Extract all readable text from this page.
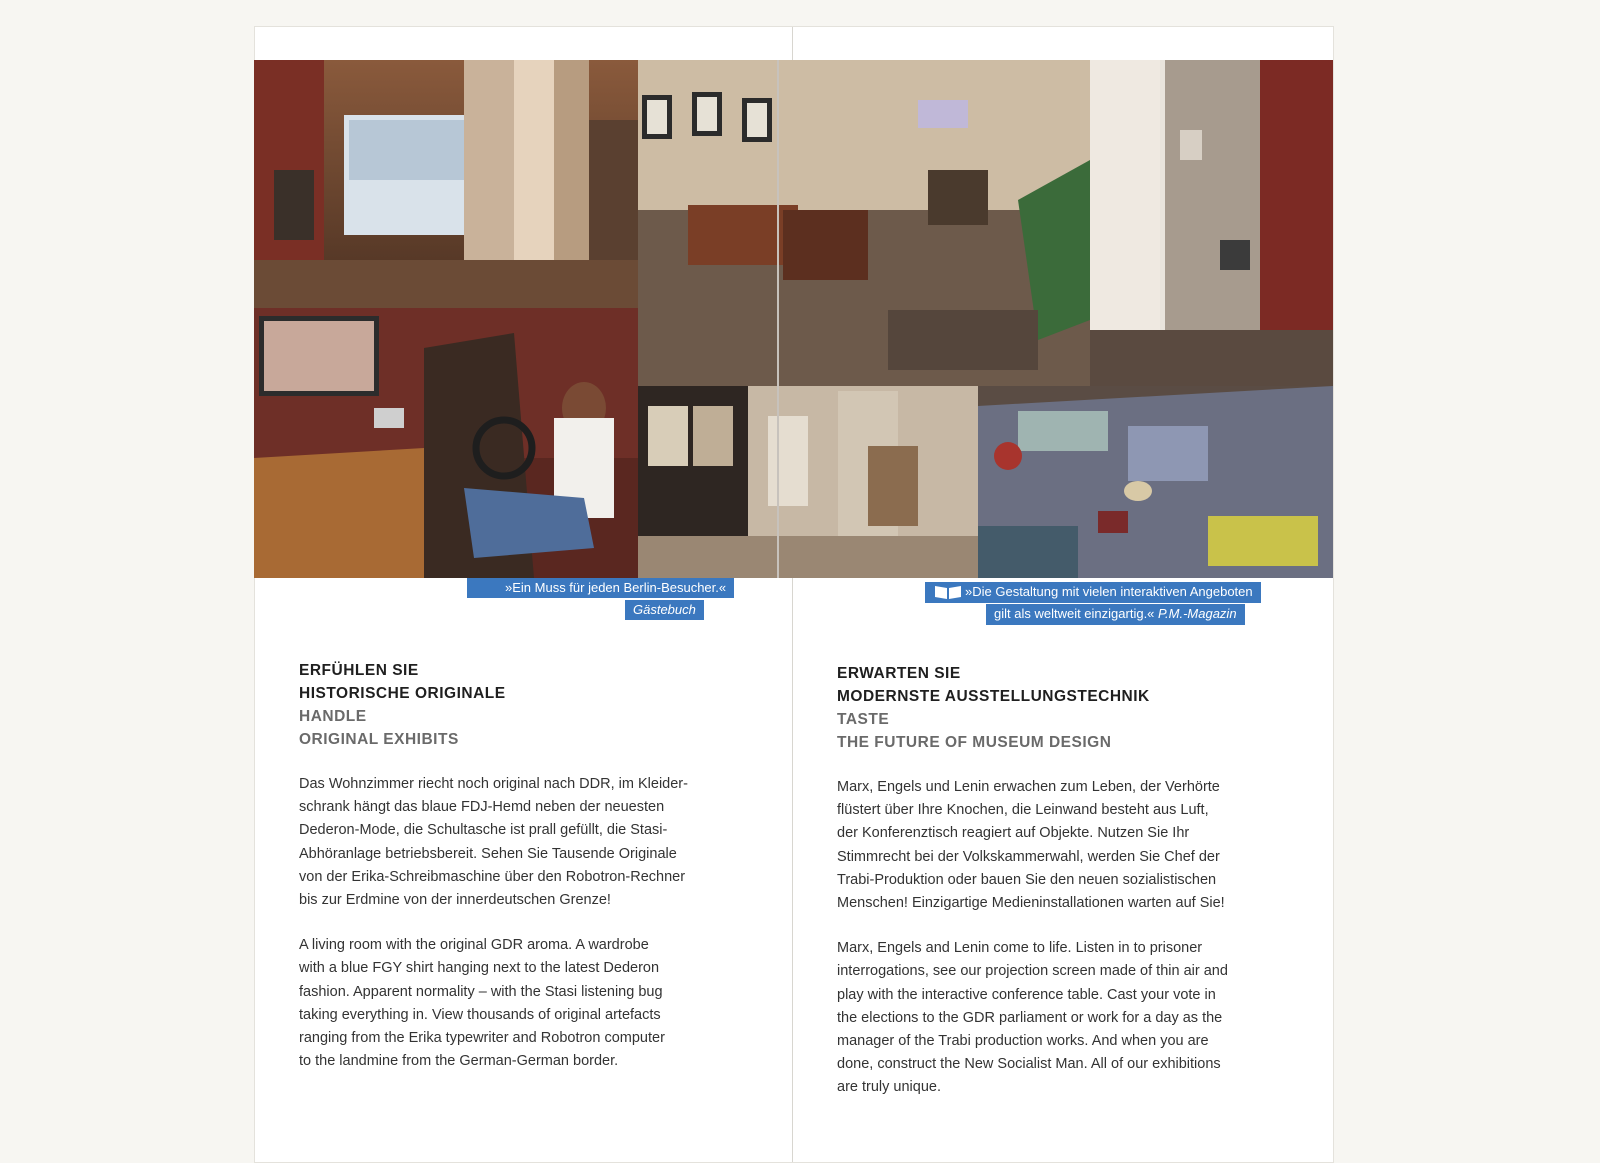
»Ein Muss für jeden Berlin-Besucher.«
Gästebuch
»Die Gestaltung mit vielen interaktiven Angeboten
gilt als weltweit einzigartig.« P.M.-Magazin
ERFÜHLEN SIE
HISTORISCHE ORIGINALE
HANDLE
ORIGINAL EXHIBITS

Das Wohnzimmer riecht noch original nach DDR, im Kleider-
schrank hängt das blaue FDJ-Hemd neben der neuesten
Dederon-Mode, die Schultasche ist prall gefüllt, die Stasi-
Abhöranlage betriebsbereit. Sehen Sie Tausende Originale
von der Erika-Schreibmaschine über den Robotron-Rechner
bis zur Erdmine von der innerdeutschen Grenze!

A living room with the original GDR aroma. A wardrobe
with a blue FGY shirt hanging next to the latest Dederon
fashion. Apparent normality – with the Stasi listening bug
taking everything in. View thousands of original artefacts
ranging from the Erika typewriter and Robotron computer
to the landmine from the German-German border.

ERWARTEN SIE
MODERNSTE AUSSTELLUNGSTECHNIK
TASTE
THE FUTURE OF MUSEUM DESIGN

Marx, Engels und Lenin erwachen zum Leben, der Verhörte
flüstert über Ihre Knochen, die Leinwand besteht aus Luft,
der Konferenztisch reagiert auf Objekte. Nutzen Sie Ihr
Stimmrecht bei der Volkskammerwahl, werden Sie Chef der
Trabi-Produktion oder bauen Sie den neuen sozialistischen
Menschen! Einzigartige Medieninstallationen warten auf Sie!

Marx, Engels and Lenin come to life. Listen in to prisoner
interrogations, see our projection screen made of thin air and
play with the interactive conference table. Cast your vote in
the elections to the GDR parliament or work for a day as the
manager of the Trabi production works. And when you are
done, construct the New Socialist Man. All of our exhibitions
are truly unique.
